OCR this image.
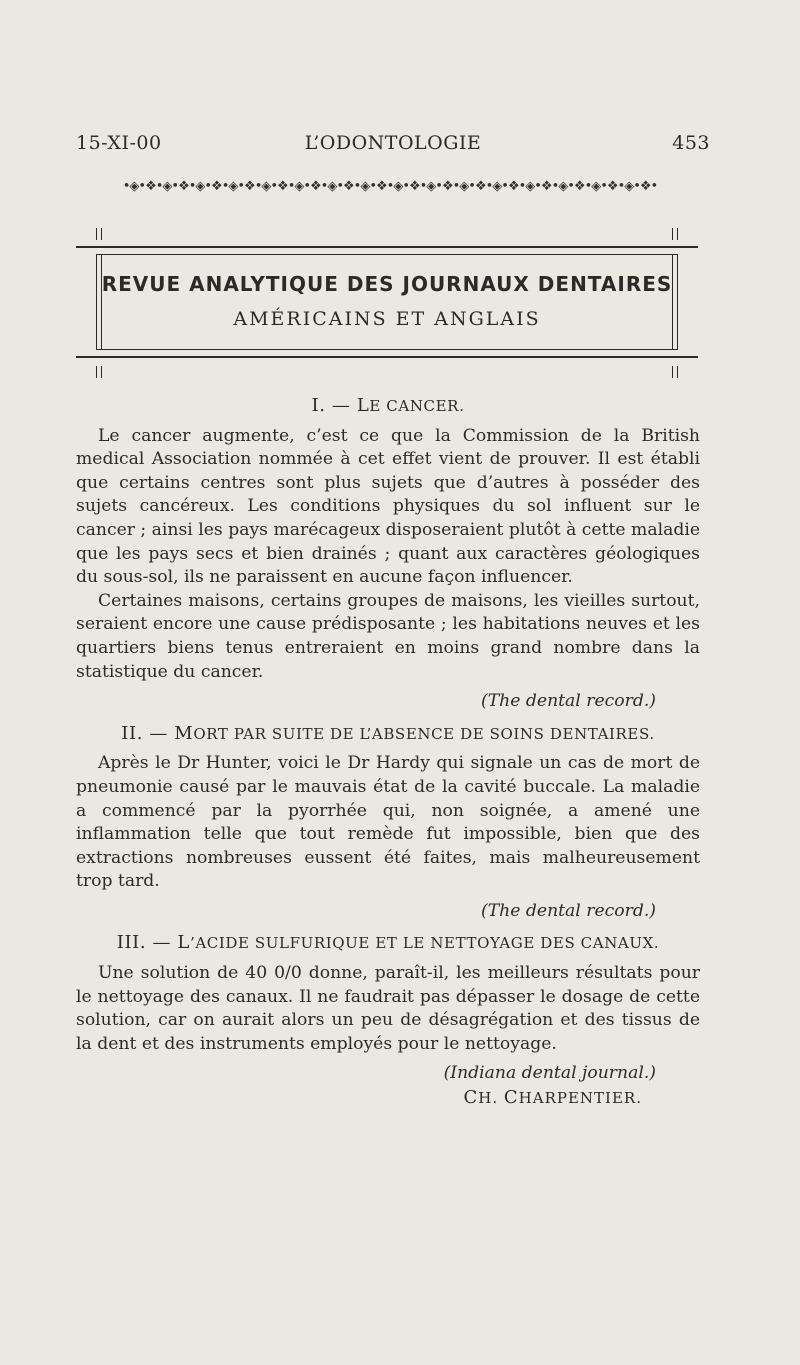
15-XI-00	L’ODONTOLOGIE	453
•◈•❖•◈•❖•◈•❖•◈•❖•◈•❖•◈•❖•◈•❖•◈•❖•◈•❖•◈•❖•◈•❖•◈•❖•◈•❖•◈•❖•◈•❖•◈•❖•
REVUE ANALYTIQUE DES JOURNAUX DENTAIRES
AMÉRICAINS ET ANGLAIS

I. — LE CANCER.

Le cancer augmente, c’est ce que la Commission de la British medical Association nommée à cet effet vient de prouver. Il est établi que certains centres sont plus sujets que d’autres à posséder des sujets cancéreux. Les conditions physiques du sol influent sur le cancer ; ainsi les pays marécageux disposeraient plutôt à cette maladie que les pays secs et bien drainés ; quant aux caractères géologiques du sous-sol, ils ne paraissent en aucune façon influencer.

Certaines maisons, certains groupes de maisons, les vieilles surtout, seraient encore une cause prédisposante ; les habitations neuves et les quartiers biens tenus entreraient en moins grand nombre dans la statistique du cancer.

(The dental record.)

II. — MORT PAR SUITE DE L’ABSENCE DE SOINS DENTAIRES.

Après le Dr Hunter, voici le Dr Hardy qui signale un cas de mort de pneumonie causé par le mauvais état de la cavité buccale. La maladie a commencé par la pyorrhée qui, non soignée, a amené une inflammation telle que tout remède fut impossible, bien que des extractions nombreuses eussent été faites, mais malheureusement trop tard.

(The dental record.)

III. — L’ACIDE SULFURIQUE ET LE NETTOYAGE DES CANAUX.

Une solution de 40 0/0 donne, paraît-il, les meilleurs résultats pour le nettoyage des canaux. Il ne faudrait pas dépasser le dosage de cette solution, car on aurait alors un peu de désagrégation et des tissus de la dent et des instruments employés pour le nettoyage.

(Indiana dental journal.)

CH. CHARPENTIER.
